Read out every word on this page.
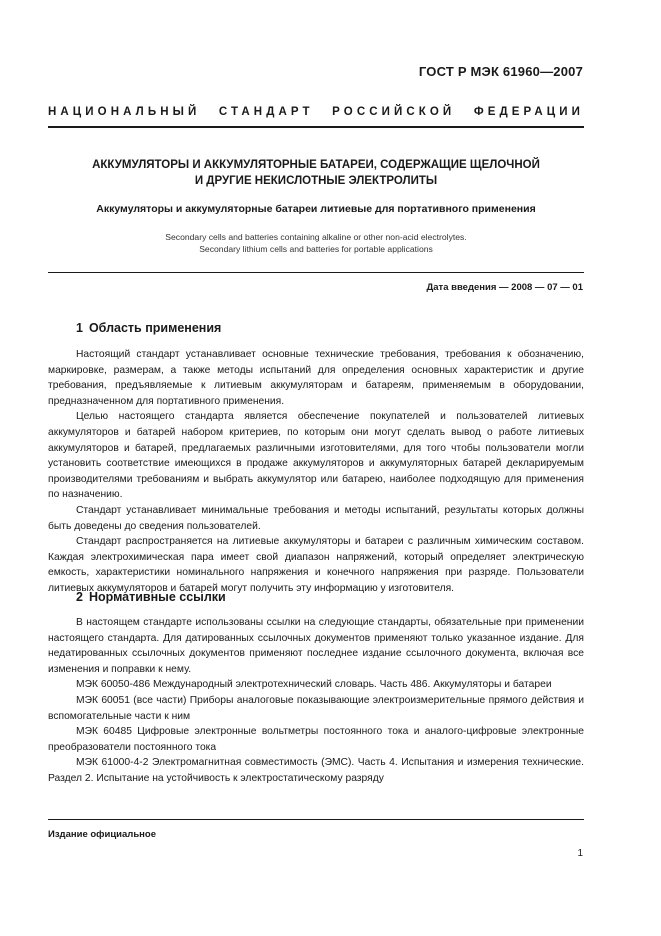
ГОСТ Р МЭК 61960—2007
НАЦИОНАЛЬНЫЙ СТАНДАРТ РОССИЙСКОЙ ФЕДЕРАЦИИ
АККУМУЛЯТОРЫ И АККУМУЛЯТОРНЫЕ БАТАРЕИ, СОДЕРЖАЩИЕ ЩЕЛОЧНОЙ
И ДРУГИЕ НЕКИСЛОТНЫЕ ЭЛЕКТРОЛИТЫ
Аккумуляторы и аккумуляторные батареи литиевые для портативного применения
Secondary cells and batteries containing alkaline or other non-acid electrolytes.
Secondary lithium cells and batteries for portable applications
Дата введения — 2008 — 07 — 01
1 Область применения

Настоящий стандарт устанавливает основные технические требования, требования к обозначению, маркировке, размерам, а также методы испытаний для определения основных характеристик и другие требования, предъявляемые к литиевым аккумуляторам и батареям, применяемым в оборудовании, предназначенном для портативного применения.

Целью настоящего стандарта является обеспечение покупателей и пользователей литиевых аккумуляторов и батарей набором критериев, по которым они могут сделать вывод о работе литиевых аккумуляторов и батарей, предлагаемых различными изготовителями, для того чтобы пользователи могли установить соответствие имеющихся в продаже аккумуляторов и аккумуляторных батарей декларируемым производителями требованиям и выбрать аккумулятор или батарею, наиболее подходящую для применения по назначению.

Стандарт устанавливает минимальные требования и методы испытаний, результаты которых должны быть доведены до сведения пользователей.

Стандарт распространяется на литиевые аккумуляторы и батареи с различным химическим составом. Каждая электрохимическая пара имеет свой диапазон напряжений, который определяет электрическую емкость, характеристики номинального напряжения и конечного напряжения при разряде. Пользователи литиевых аккумуляторов и батарей могут получить эту информацию у изготовителя.

2 Нормативные ссылки

В настоящем стандарте использованы ссылки на следующие стандарты, обязательные при применении настоящего стандарта. Для датированных ссылочных документов применяют только указанное издание. Для недатированных ссылочных документов применяют последнее издание ссылочного документа, включая все изменения и поправки к нему.

МЭК 60050-486 Международный электротехнический словарь. Часть 486. Аккумуляторы и батареи

МЭК 60051 (все части) Приборы аналоговые показывающие электроизмерительные прямого действия и вспомогательные части к ним

МЭК 60485 Цифровые электронные вольтметры постоянного тока и аналого-цифровые электронные преобразователи постоянного тока

МЭК 61000-4-2 Электромагнитная совместимость (ЭМС). Часть 4. Испытания и измерения технические. Раздел 2. Испытание на устойчивость к электростатическому разряду

Издание официальное
1
